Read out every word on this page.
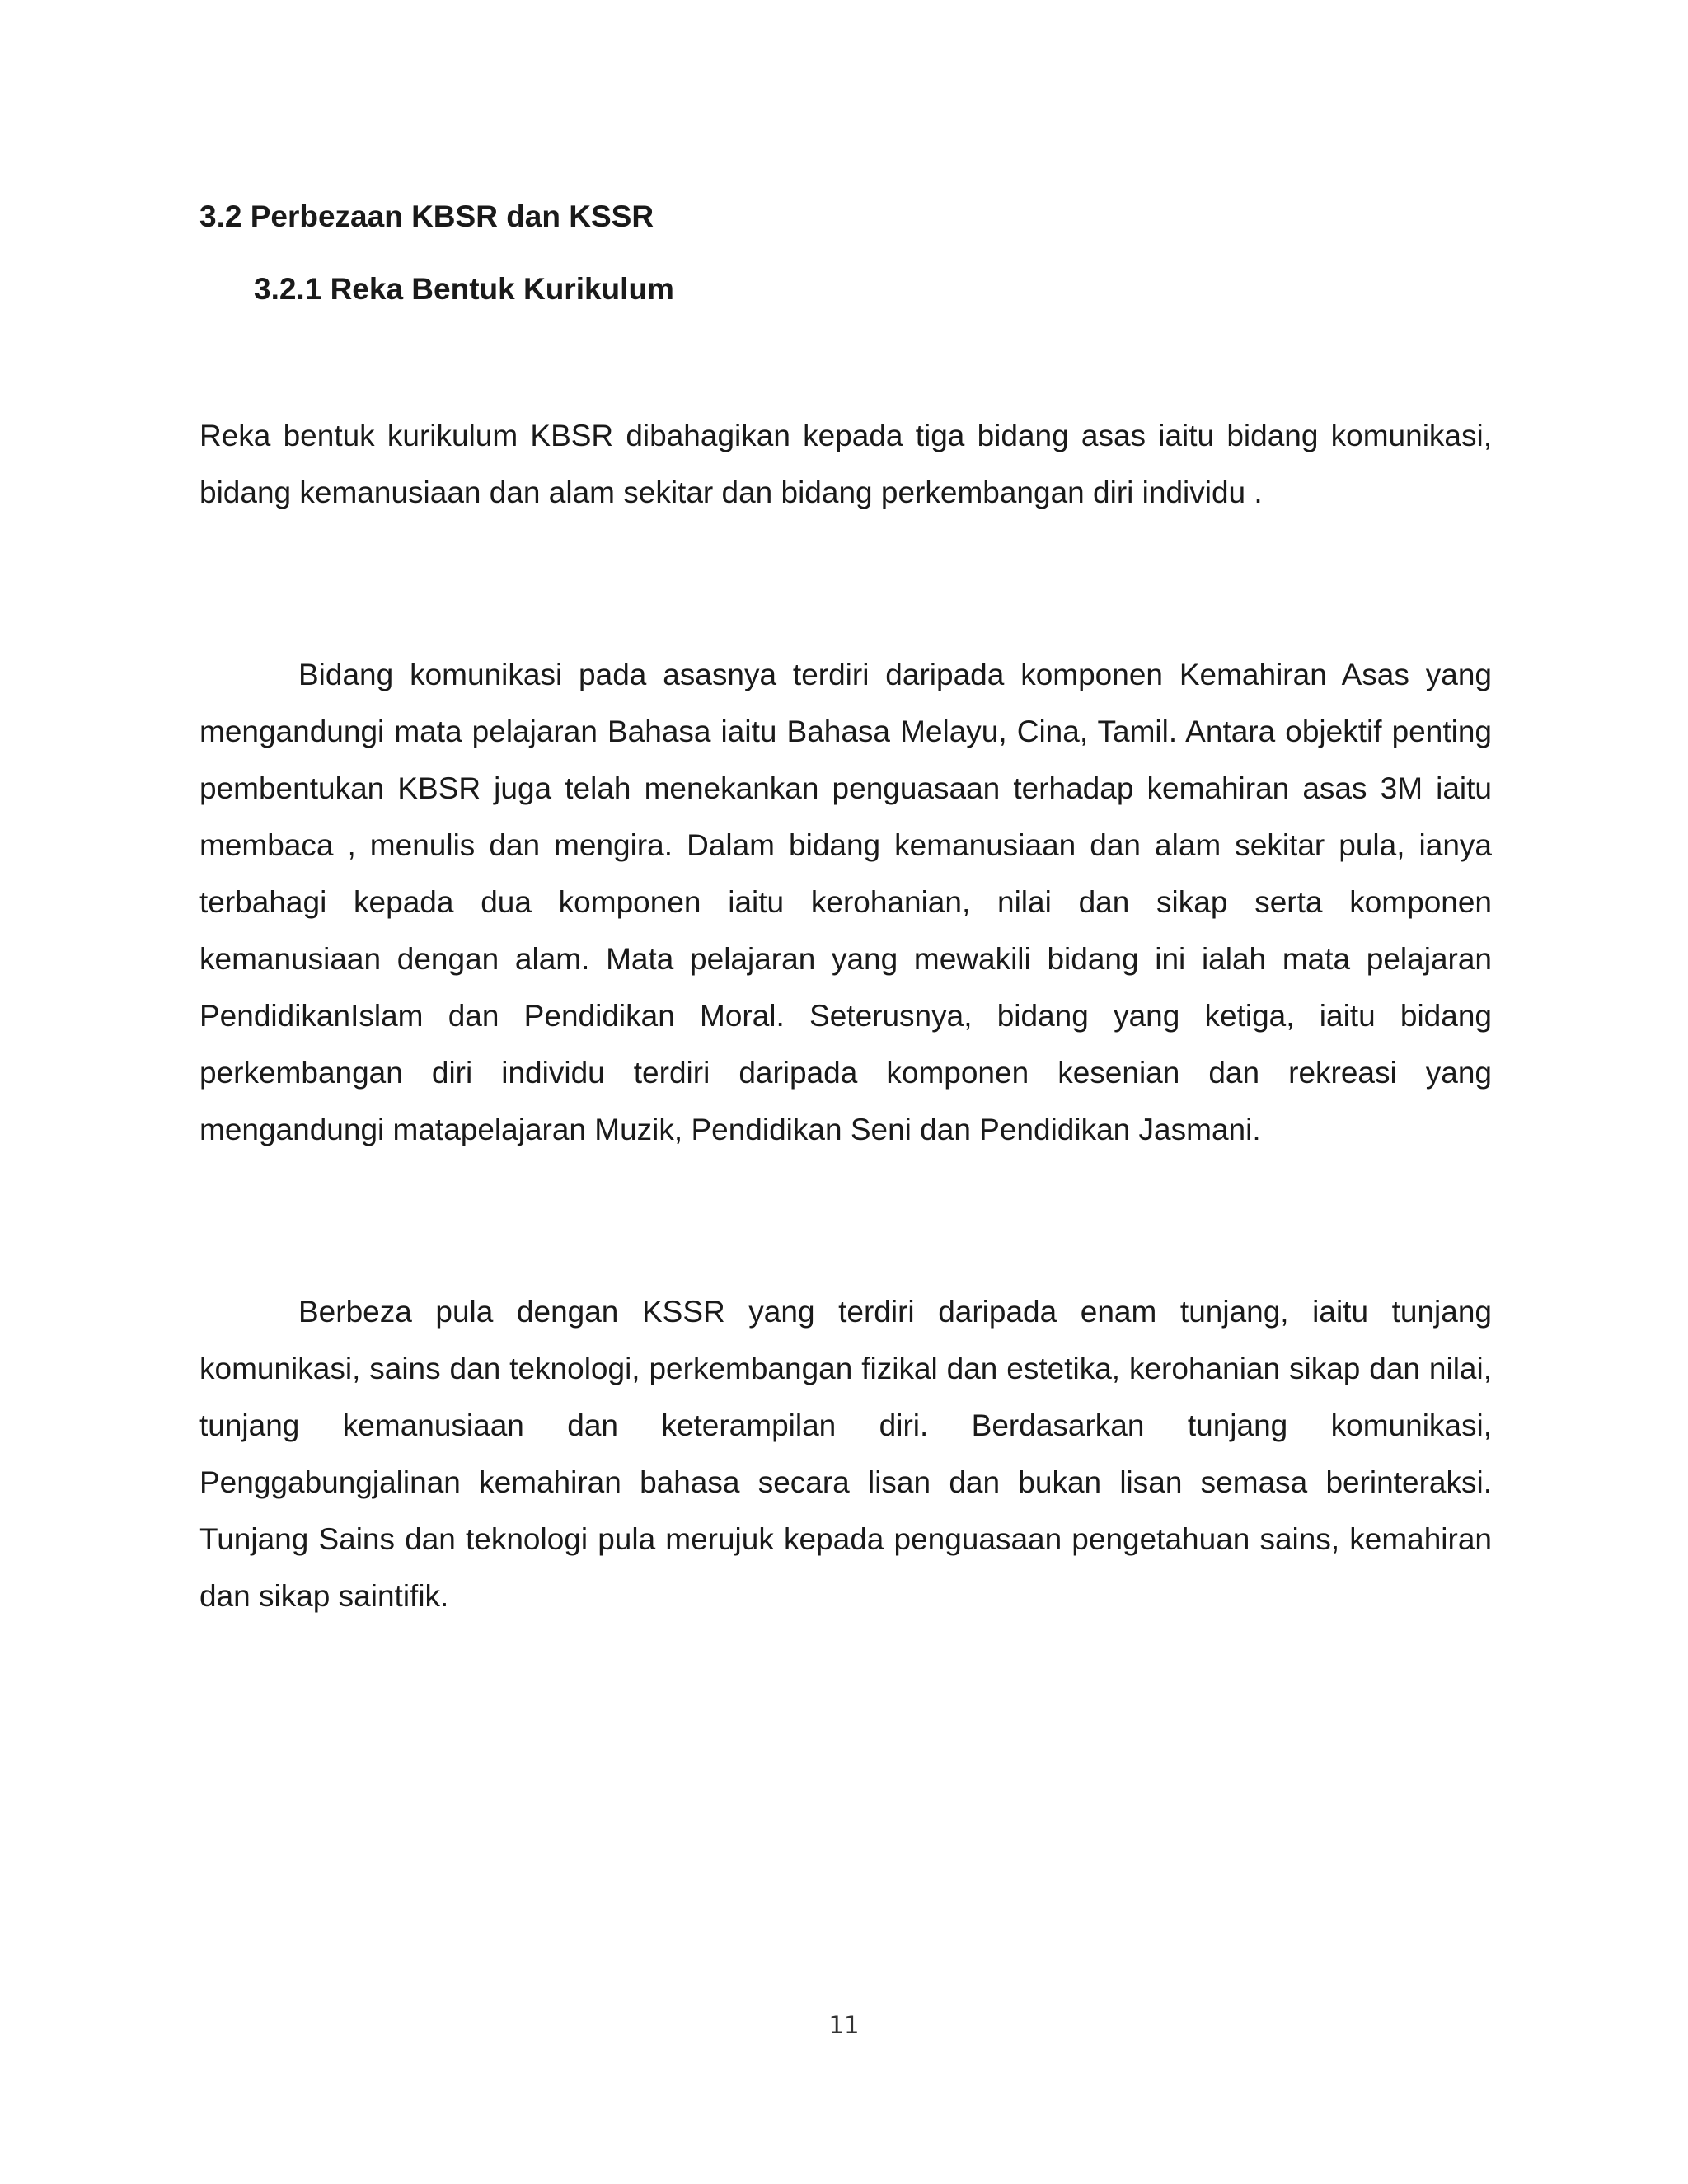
3.2 Perbezaan KBSR dan KSSR
3.2.1 Reka Bentuk Kurikulum

Reka bentuk kurikulum KBSR dibahagikan kepada tiga bidang asas iaitu bidang komunikasi, bidang kemanusiaan dan alam sekitar dan bidang perkembangan diri individu .

Bidang komunikasi pada asasnya terdiri daripada komponen Kemahiran Asas yang mengandungi mata pelajaran Bahasa iaitu Bahasa Melayu, Cina, Tamil. Antara objektif penting pembentukan KBSR juga telah menekankan penguasaan terhadap kemahiran asas 3M iaitu membaca , menulis dan mengira. Dalam bidang kemanusiaan dan alam sekitar pula, ianya terbahagi kepada dua komponen iaitu kerohanian, nilai dan sikap serta komponen kemanusiaan dengan alam. Mata pelajaran yang mewakili bidang ini ialah mata pelajaran PendidikanIslam dan Pendidikan Moral. Seterusnya, bidang yang ketiga, iaitu bidang perkembangan diri individu terdiri daripada komponen kesenian dan rekreasi yang mengandungi matapelajaran Muzik, Pendidikan Seni dan Pendidikan Jasmani.

Berbeza pula dengan KSSR yang terdiri daripada enam tunjang, iaitu tunjang komunikasi, sains dan teknologi, perkembangan fizikal dan estetika, kerohanian sikap dan nilai, tunjang kemanusiaan dan keterampilan diri. Berdasarkan tunjang komunikasi, Penggabungjalinan kemahiran bahasa secara lisan dan bukan lisan semasa berinteraksi. Tunjang Sains dan teknologi pula merujuk kepada penguasaan pengetahuan sains, kemahiran dan sikap saintifik.

11
